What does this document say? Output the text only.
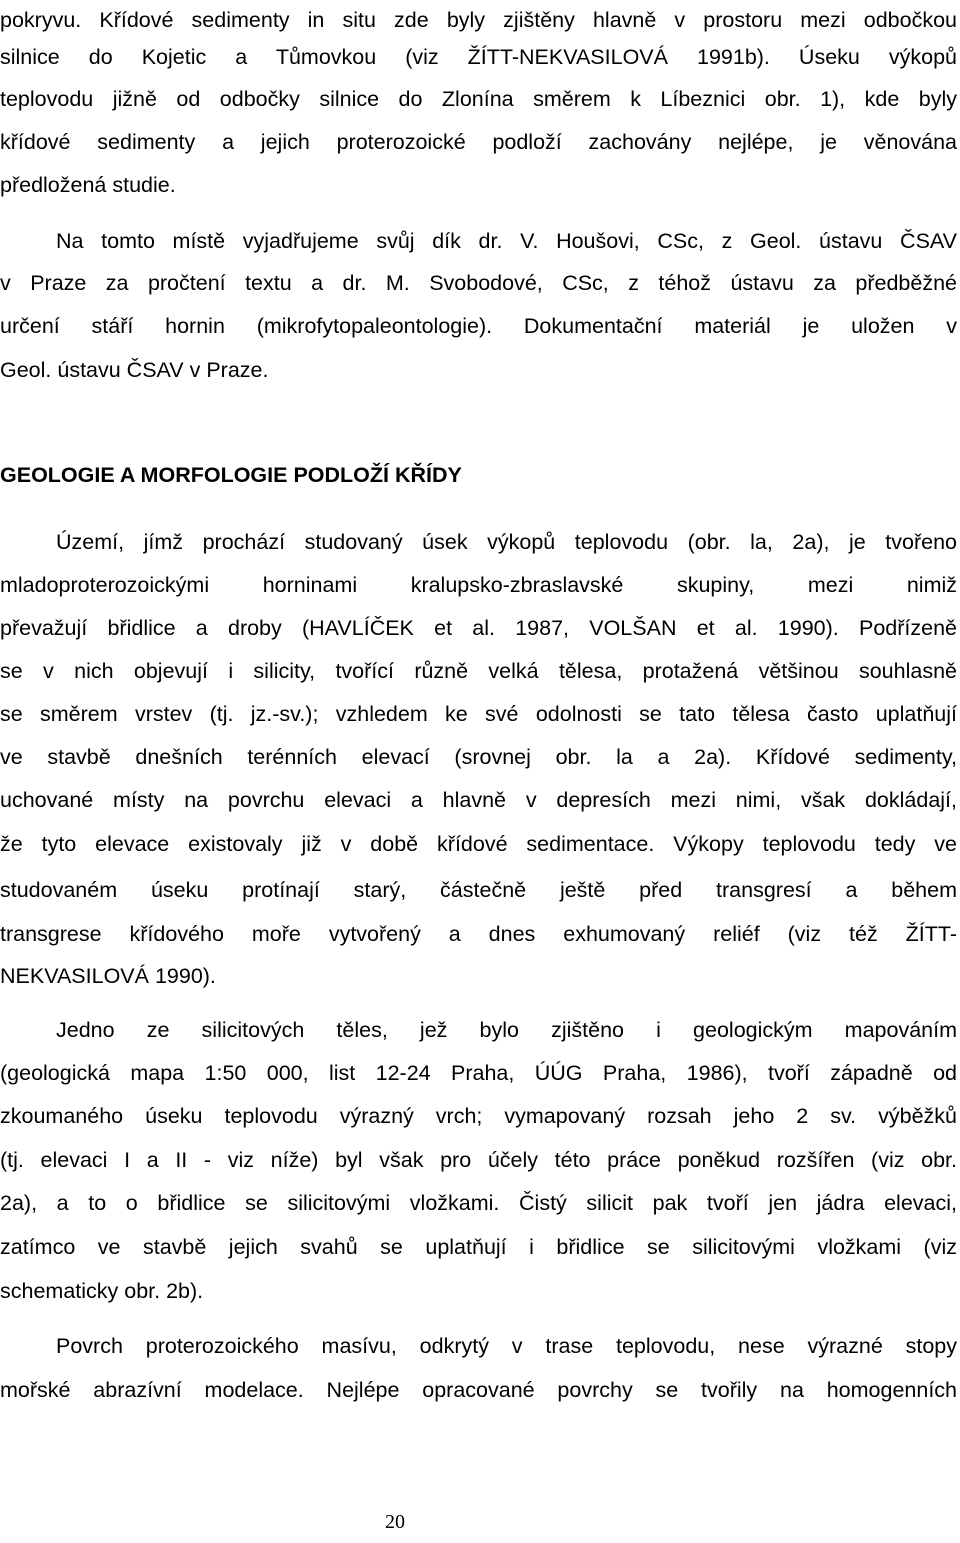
pokryvu. Křídové sedimenty in situ zde byly zjištěny hlavně v prostoru mezi odbočkou
silnice do Kojetic a Tůmovkou (viz ŽÍTT-NEKVASILOVÁ 1991b). Úseku výkopů
teplovodu jižně od odbočky silnice do Zlonína směrem k Líbeznici obr. 1), kde byly
křídové sedimenty a jejich proterozoické podloží zachovány nejlépe, je věnována
předložená studie.
Na tomto místě vyjadřujeme svůj dík dr. V. Houšovi, CSc, z Geol. ústavu ČSAV
v Praze za pročtení textu a dr. M. Svobodové, CSc, z téhož ústavu za předběžné
určení stáří hornin (mikrofytopaleontologie). Dokumentační materiál je uložen v
Geol. ústavu ČSAV v Praze.
GEOLOGIE A MORFOLOGIE PODLOŽÍ KŘÍDY
Území, jímž prochází studovaný úsek výkopů teplovodu (obr. la, 2a), je tvořeno
mladoproterozoickými horninami kralupsko-zbraslavské skupiny, mezi nimiž
převažují břidlice a droby (HAVLÍČEK et al. 1987, VOLŠAN et al. 1990). Podřízeně
se v nich objevují i silicity, tvořící různě velká tělesa, protažená většinou souhlasně
se směrem vrstev (tj. jz.-sv.); vzhledem ke své odolnosti se tato tělesa často uplatňují
ve stavbě dnešních terénních elevací (srovnej obr. la a 2a). Křídové sedimenty,
uchované místy na povrchu elevaci a hlavně v depresích mezi nimi, však dokládají,
že tyto elevace existovaly již v době křídové sedimentace. Výkopy teplovodu tedy ve
studovaném úseku protínají starý, částečně ještě před transgresí a během
transgrese křídového moře vytvořený a dnes exhumovaný reliéf (viz též ŽÍTT-
NEKVASILOVÁ 1990).
Jedno ze silicitových těles, jež bylo zjištěno i geologickým mapováním
(geologická mapa 1:50 000, list 12-24 Praha, ÚÚG Praha, 1986), tvoří západně od
zkoumaného úseku teplovodu výrazný vrch; vymapovaný rozsah jeho 2 sv. výběžků
(tj. elevaci I a II - viz níže) byl však pro účely této práce poněkud rozšířen (viz obr.
2a), a to o břidlice se silicitovými vložkami. Čistý silicit pak tvoří jen jádra elevaci,
zatímco ve stavbě jejich svahů se uplatňují i břidlice se silicitovými vložkami (viz
schematicky obr. 2b).
Povrch proterozoického masívu, odkrytý v trase teplovodu, nese výrazné stopy
mořské abrazívní modelace. Nejlépe opracované povrchy se tvořily na homogenních
20
